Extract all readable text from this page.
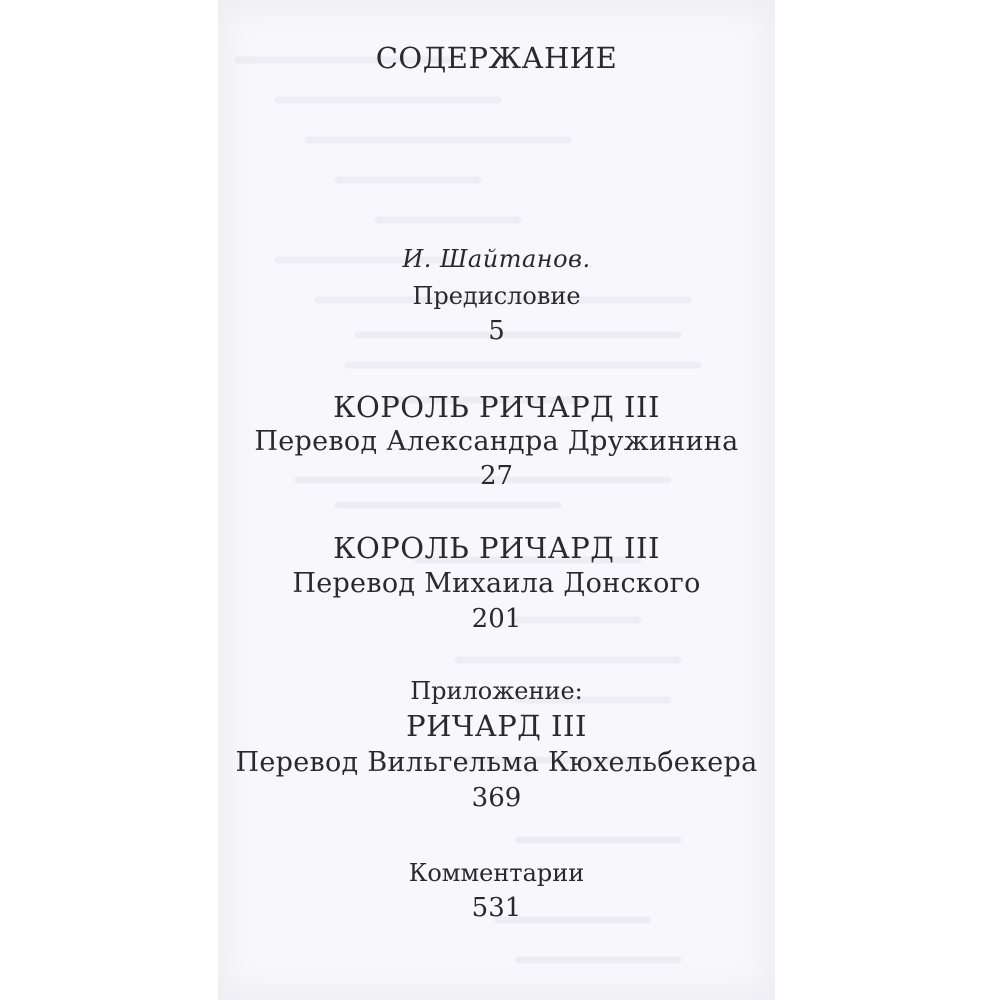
СОДЕРЖАНИЕ
И. Шайтанов.
Предисловие
5
КОРОЛЬ РИЧАРД III
Перевод Александра Дружинина
27
КОРОЛЬ РИЧАРД III
Перевод Михаила Донского
201
Приложение:
РИЧАРД III
Перевод Вильгельма Кюхельбекера
369
Комментарии
531
